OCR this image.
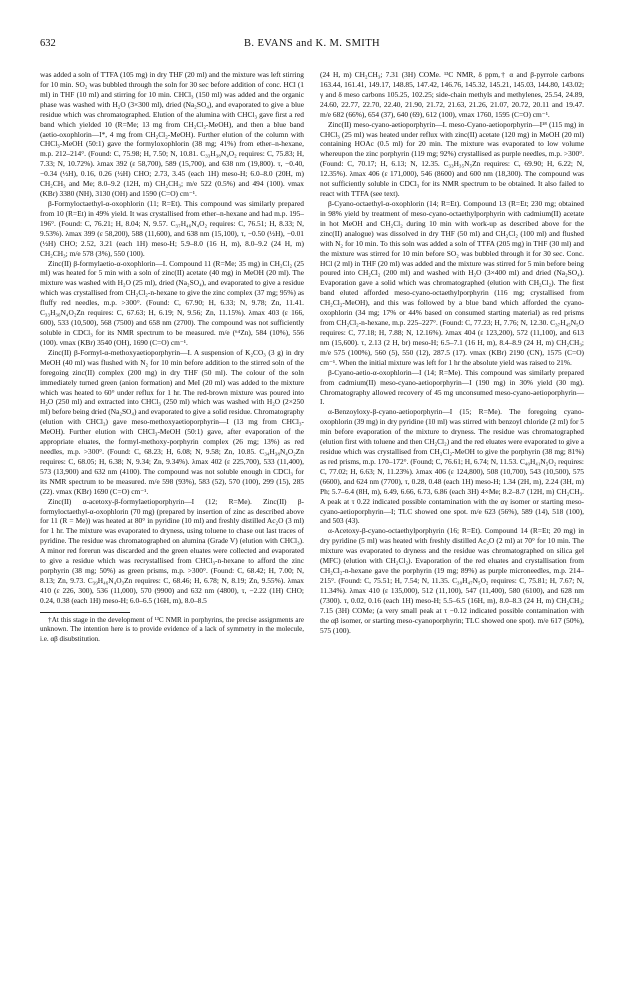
632	B. EVANS and K. M. SMITH

was added a soln of TTFA (105 mg) in dry THF (20 ml) and the mixture was left stirring for 10 min. SO₂ was bubbled through the soln for 30 sec before addition of conc. HCl (1 ml) in THF (10 ml) and stirring for 10 min. CHCl₃ (150 ml) was added and the organic phase was washed with H₂O (3×300 ml), dried (Na₂SO₄), and evaporated to give a blue residue which was chromatographed. Elution of the alumina with CHCl₃ gave first a red band which yielded 10 (R=Me; 13 mg from CH₂Cl₂-MeOH), and then a blue band (aetio-oxophlorin—I*, 4 mg from CH₂Cl₂-MeOH). Further elution of the column with CHCl₃-MeOH (50:1) gave the formyloxophlorin (38 mg; 41%) from ether–n-hexane, m.p. 212–214°. (Found: C, 75.98; H, 7.50; N, 10.81. C₃₃H₃₈N₄O₂ requires: C, 75.83; H, 7.33; N, 10.72%). λmax 392 (ε 58,700), 589 (15,700), and 638 nm (19,800). τ, −0.40, −0.34 (½H), 0.16, 0.26 (½H) CHO; 2.73, 3.45 (each 1H) meso-H; 6.0–8.0 (20H, m) CH₂CH₃ and Me; 8.0–9.2 (12H, m) CH₂CH₃; m/e 522 (0.5%) and 494 (100). νmax (KBr) 3380 (NH), 3130 (OH) and 1590 (C=O) cm⁻¹.

β-Formyloctaethyl-α-oxophlorin (11; R=Et). This compound was similarly prepared from 10 (R=Et) in 49% yield. It was crystallised from ether–n-hexane and had m.p. 195–196°. (Found: C, 76.21; H, 8.04; N, 9.57. C₃₇H₄₆N₄O₂ requires: C, 76.51; H, 8.33; N, 9.53%). λmax 399 (ε 58,200), 588 (11,600), and 638 nm (15,100), τ, −0.50 (½H), −0.01 (½H) CHO; 2.52, 3.21 (each 1H) meso-H; 5.9–8.0 (16 H, m), 8.0–9.2 (24 H, m) CH₂CH₃; m/e 578 (3%), 550 (100).

Zinc(II) β-formylaetio-α-oxophlorin—I. Compound 11 (R=Me; 35 mg) in CH₂Cl₂ (25 ml) was heated for 5 min with a soln of zinc(II) acetate (40 mg) in MeOH (20 ml). The mixture was washed with H₂O (25 ml), dried (Na₂SO₄), and evaporated to give a residue which was crystallised from CH₂Cl₂-n-hexane to give the zinc complex (37 mg; 95%) as fluffy red needles, m.p. >300°. (Found: C, 67.90; H, 6.33; N, 9.78; Zn, 11.41. C₃₃H₃₆N₄O₂Zn requires: C, 67.63; H, 6.19; N, 9.56; Zn, 11.15%). λmax 403 (ε 166, 600), 533 (10,500), 568 (7500) and 658 nm (2700). The compound was not sufficiently soluble in CDCl₃ for its NMR spectrum to be measured. m/e (⁶⁴Zn), 584 (10%), 556 (100). νmax (KBr) 3540 (OH), 1690 (C=O) cm⁻¹.

Zinc(II) β-Formyl-α-methoxyaetioporphyrin—I. A suspension of K₂CO₃ (3 g) in dry MeOH (40 ml) was flushed with N₂ for 10 min before addition to the stirred soln of the foregoing zinc(II) complex (200 mg) in dry THF (50 ml). The colour of the soln immediately turned green (anion formation) and MeI (20 ml) was added to the mixture which was heated to 60° under reflux for 1 hr. The red-brown mixture was poured into H₂O (250 ml) and extracted into CHCl₃ (250 ml) which was washed with H₂O (2×250 ml) before being dried (Na₂SO₄) and evaporated to give a solid residue. Chromatography (elution with CHCl₃) gave meso-methoxyaetioporphyrin—I (13 mg from CHCl₃-MeOH). Further elution with CHCl₃-MeOH (50:1) gave, after evaporation of the appropriate eluates, the formyl-methoxy-porphyrin complex (26 mg; 13%) as red needles, m.p. >300°. (Found: C, 68.23; H, 6.08; N, 9.58; Zn, 10.85. C₃₄H₃₈N₄O₂Zn requires: C, 68.05; H, 6.38; N, 9.34; Zn, 9.34%). λmax 402 (ε 225,700), 533 (11,400), 573 (13,900) and 632 nm (4100). The compound was not soluble enough in CDCl₃ for its NMR spectrum to be measured. m/e 598 (93%), 583 (52), 570 (100), 299 (15), 285 (22). νmax (KBr) 1690 (C=O) cm⁻¹.

Zinc(II) α-acetoxy-β-formylaetioporphyrin—I (12; R=Me). Zinc(II) β-formyloctaethyl-α-oxophlorin (70 mg) (prepared by insertion of zinc as described above for 11 (R = Me)) was heated at 80° in pyridine (10 ml) and freshly distilled Ac₂O (3 ml) for 1 hr. The mixture was evaporated to dryness, using toluene to chase out last traces of pyridine. The residue was chromatographed on alumina (Grade V) (elution with CHCl₃). A minor red forerun was discarded and the green eluates were collected and evaporated to give a residue which was recrystallised from CHCl₃-n-hexane to afford the zinc porphyrin (38 mg; 50%) as green prisms, m.p. >300°. (Found: C, 68.42; H, 7.00; N, 8.13; Zn, 9.73. C₃₉H₄₆N₄O₃Zn requires: C, 68.46; H, 6.78; N, 8.19; Zn, 9.55%). λmax 410 (ε 226, 300), 536 (11,000), 570 (9900) and 632 nm (4800), τ, −2.22 (1H) CHO; 0.24, 0.38 (each 1H) meso-H; 6.0–6.5 (16H, m), 8.0–8.5

†At this stage in the development of ¹³C NMR in porphyrins, the precise assignments are unknown. The intention here is to provide evidence of a lack of symmetry in the molecule, i.e. αβ disubstitution.

(24 H, m) CH₂CH₃; 7.31 (3H) COMe. ¹³C NMR, δ ppm,† α and β-pyrrole carbons 163.44, 161.41, 149.17, 148.85, 147.42, 146.76, 145.32, 145.21, 145.03, 144.80, 143.02; γ and δ meso carbons 105.25, 102.25; side-chain methyls and methylenes, 25.54, 24.89, 24.60, 22.77, 22.70, 22.40, 21.90, 21.72, 21.63, 21.26, 21.07, 20.72, 20.11 and 19.47. m/e 682 (66%), 654 (37), 640 (69), 612 (100), νmax 1760, 1595 (C=O) cm⁻¹.

Zinc(II) meso-cyano-aetioporphyrin—I. meso-Cyano-aetioporphyrin—I¹⁸ (115 mg) in CHCl₃ (25 ml) was heated under reflux with zinc(II) acetate (120 mg) in MeOH (20 ml) containing HOAc (0.5 ml) for 20 min. The mixture was evaporated to low volume whereupon the zinc porphyrin (119 mg; 92%) crystallised as purple needles, m.p. >300°. (Found: C, 70.17; H, 6.13; N, 12.35. C₃₃H₃₅N₅Zn requires: C, 69.90; H, 6.22; N, 12.35%). λmax 406 (ε 171,000), 546 (8600) and 600 nm (18,300). The compound was not sufficiently soluble in CDCl₃ for its NMR spectrum to be obtained. It also failed to react with TTFA (see text).

β-Cyano-octaethyl-α-oxophlorin (14; R=Et). Compound 13 (R=Et; 230 mg; obtained in 98% yield by treatment of meso-cyano-octaethylporphyrin with cadmium(II) acetate in hot MeOH and CH₂Cl₂ during 10 min with work-up as described above for the zinc(II) analogue) was dissolved in dry THF (50 ml) and CH₂Cl₂ (100 ml) and flushed with N₂ for 10 min. To this soln was added a soln of TTFA (205 mg) in THF (30 ml) and the mixture was stirred for 10 min before SO₂ was bubbled through it for 30 sec. Conc. HCl (2 ml) in THF (20 ml) was added and the mixture was stirred for 5 min before being poured into CH₂Cl₂ (200 ml) and washed with H₂O (3×400 ml) and dried (Na₂SO₄). Evaporation gave a solid which was chromatographed (elution with CH₂Cl₂). The first band eluted afforded meso-cyano-octaethylporphyrin (116 mg; crystallised from CH₂Cl₂-MeOH), and this was followed by a blue band which afforded the cyano-oxophlorin (34 mg; 17% or 44% based on consumed starting material) as red prisms from CH₂Cl₂-n-hexane, m.p. 225–227°. (Found: C, 77.23; H, 7.76; N, 12.30. C₃₇H₄₅N₅O requires: C, 77.18; H, 7.88; N, 12.16%). λmax 404 (ε 123,200), 572 (11,100), and 613 nm (15,600). τ, 2.13 (2 H, br) meso-H; 6.5–7.1 (16 H, m), 8.4–8.9 (24 H, m) CH₂CH₃; m/e 575 (100%), 560 (5), 550 (12), 287.5 (17). νmax (KBr) 2190 (CN), 1575 (C=O) cm⁻¹. When the initial mixture was left for 1 hr the absolute yield was raised to 21%.

β-Cyano-aetio-α-oxophlorin—I (14; R=Me). This compound was similarly prepared from cadmium(II) meso-cyano-aetioporphyrin—I (190 mg) in 30% yield (30 mg). Chromatography allowed recovery of 45 mg unconsumed meso-cyano-aetioporphyrin—I.

α-Benzoyloxy-β-cyano-aetioporphyrin—I (15; R=Me). The foregoing cyano-oxophlorin (39 mg) in dry pyridine (10 ml) was stirred with benzoyl chloride (2 ml) for 5 min before evaporation of the mixture to dryness. The residue was chromatographed (elution first with toluene and then CH₂Cl₂) and the red eluates were evaporated to give a residue which was crystallised from CH₂Cl₂-MeOH to give the porphyrin (38 mg; 81%) as red prisms, m.p. 170–172°. (Found; C, 76.61; H, 6.74; N, 11.53. C₄₀H₄₁N₅O₂ requires: C, 77.02; H, 6.63; N, 11.23%). λmax 406 (ε 124,800), 508 (10,700), 543 (10,500), 575 (6600), and 624 nm (7700), τ, 0.28, 0.48 (each 1H) meso-H; 1.34 (2H, m), 2.24 (3H, m) Ph; 5.7–6.4 (8H, m), 6.49, 6.66, 6.73, 6.86 (each 3H) 4×Me; 8.2–8.7 (12H, m) CH₂CH₃. A peak at τ 0.22 indicated possible contamination with the αγ isomer or starting meso-cyano-aetioporphyrin—I; TLC showed one spot. m/e 623 (56%), 589 (14), 518 (100), and 503 (43).

α-Acetoxy-β-cyano-octaethylporphyrin (16; R=Et). Compound 14 (R=Et; 20 mg) in dry pyridine (5 ml) was heated with freshly distilled Ac₂O (2 ml) at 70° for 10 min. The mixture was evaporated to dryness and the residue was chromatographed on silica gel (MFC) (elution with CH₂Cl₂). Evaporation of the red eluates and crystallisation from CH₂Cl₂-n-hexane gave the porphyrin (19 mg; 89%) as purple microneedles, m.p. 214–215°. (Found: C, 75.51; H, 7.54; N, 11.35. C₃₉H₄₇N₅O₂ requires: C, 75.81; H, 7.67; N, 11.34%). λmax 410 (ε 135,000), 512 (11,100), 547 (11,400), 580 (6100), and 628 nm (7300). τ, 0.02, 0.16 (each 1H) meso-H; 5.5–6.5 (16H, m), 8.0–8.3 (24 H, m) CH₂CH₃; 7.15 (3H) COMe; (a very small peak at τ −0.12 indicated possible contamination with the αβ isomer, or starting meso-cyanoporphyrin; TLC showed one spot). m/e 617 (50%), 575 (100).
